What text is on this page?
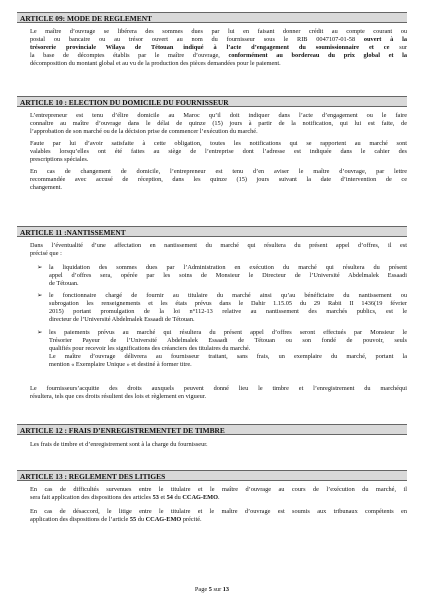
ARTICLE 09: MODE DE REGLEMENT
Le maître d’ouvrage se libérera des sommes dues par lui en faisant donner crédit au compte courant ou
postal ou bancaire ou au trésor ouvert au nom du fournisseur sous le RIB 0047107-01-58 ouvert à la
trésorerie provinciale Wilaya de Tétouan indiqué à l’acte d’engagement du soumissionnaire et ce sur
la base de décomptes établis par le maître d’ouvrage, conformément au bordereau du prix global et la
décomposition du montant global et au vu de la production des pièces demandées pour le paiement.
ARTICLE 10 : ELECTION DU DOMICILE DU FOURNISSEUR
L’entrepreneur est tenu d’élire domicile au Maroc qu’il doit indiquer dans l’acte d’engagement ou le faire
connaître au maître d’ouvrage dans le délai de quinze (15) jours à partir de la notification, qui lui est faite, de
l’approbation de son marché ou de la décision prise de commencer l’exécution du marché.
Faute par lui d’avoir satisfaite à cette obligation, toutes les notifications qui se rapportent au marché sont
valables lorsqu’elles ont été faites au siège de l’entreprise dont l’adresse est indiquée dans le cahier des
prescriptions spéciales.
En cas de changement de domicile, l’entrepreneur est tenu d’en aviser le maître d’ouvrage, par lettre
recommandée avec accusé de réception, dans les quinze (15) jours suivant la date d’intervention de ce
changement.
ARTICLE 11 :NANTISSEMENT
Dans l’éventualité d’une affectation en nantissement du marché qui résultera du présent appel d’offres, il est
précisé que :
➢ la liquidation des sommes dues par l’Administration en exécution du marché qui résultera du présent
appel d’offres sera, opérée par les soins de Monsieur le Directeur de l’Université Abdelmalek Essaadi
de Tétouan.
➢ le fonctionnaire chargé de fournir au titulaire du marché ainsi qu’au bénéficiaire du nantissement ou
subrogation les renseignements et les états prévus dans le Dahir 1.15.05 du 29 Rabii II 1436(19 février
2015) portant promulgation de la loi n°112-13 relative au nantissement des marchés publics, est le
directeur de l’Université Abdelmalek Essaadi de Tétouan.
➢ les paiements prévus au marché qui résultera du présent appel d’offres seront effectués par Monsieur le
Trésorier Payeur de l’Université Abdelmalek Essaadi de Tétouan ou son fondé de pouvoir, seuls
qualifiés pour recevoir les significations des créanciers des titulaires du marché.
Le maître d’ouvrage délivrera au fournisseur traitant, sans frais, un exemplaire du marché, portant la
mention « Exemplaire Unique » et destiné à former titre.
Le fournisseurs’acquitte des droits auxquels peuvent donné lieu le timbre et l’enregistrement du marchéqui
résultera, tels que ces droits résultent des lois et règlement en vigueur.
ARTICLE 12 : FRAIS D’ENREGISTREMENTET DE TIMBRE
Les frais de timbre et d’enregistrement sont à la charge du fournisseur.
ARTICLE 13 : REGLEMENT DES LITIGES
En cas de difficultés survenues entre le titulaire et le maître d’ouvrage au cours de l’exécution du marché, il
sera fait application des dispositions des articles 53 et 54 du CCAG-EMO.
En cas de désaccord, le litige entre le titulaire et le maître d’ouvrage est soumis aux tribunaux compétents en
application des dispositions de l’article 55 du CCAG-EMO précité.
Page 5 sur 13
